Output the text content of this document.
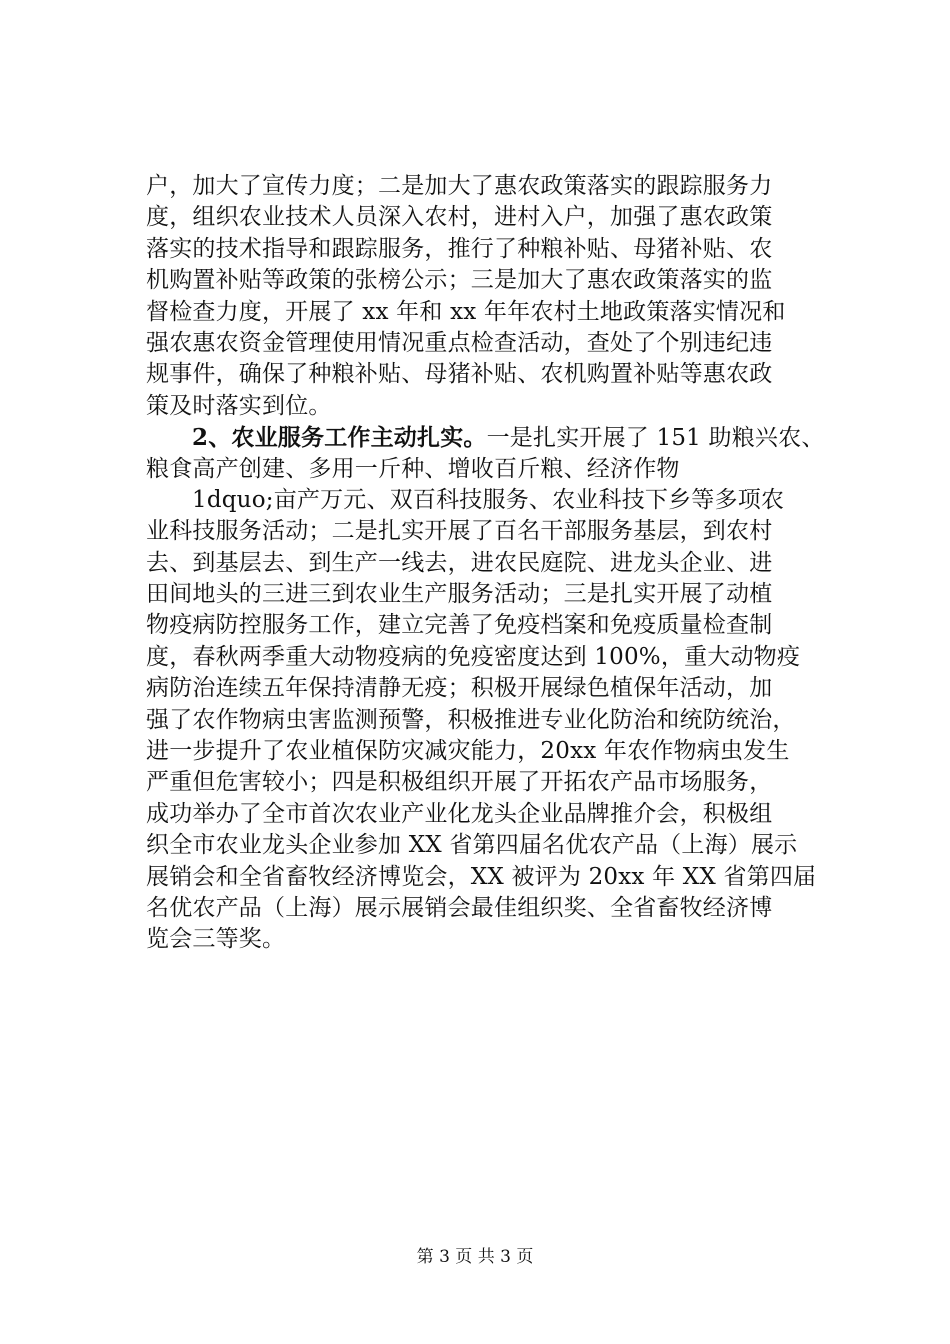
户，加大了宣传力度；二是加大了惠农政策落实的跟踪服务力
度，组织农业技术人员深入农村，进村入户，加强了惠农政策
落实的技术指导和跟踪服务，推行了种粮补贴、母猪补贴、农
机购置补贴等政策的张榜公示；三是加大了惠农政策落实的监
督检查力度，开展了 xx 年和 xx 年年农村土地政策落实情况和
强农惠农资金管理使用情况重点检查活动，查处了个别违纪违
规事件，确保了种粮补贴、母猪补贴、农机购置补贴等惠农政
策及时落实到位。
2、农业服务工作主动扎实。一是扎实开展了 151 助粮兴农、
粮食高产创建、多用一斤种、增收百斤粮、经济作物
1dquo;亩产万元、双百科技服务、农业科技下乡等多项农
业科技服务活动；二是扎实开展了百名干部服务基层，到农村
去、到基层去、到生产一线去，进农民庭院、进龙头企业、进
田间地头的三进三到农业生产服务活动；三是扎实开展了动植
物疫病防控服务工作，建立完善了免疫档案和免疫质量检查制
度，春秋两季重大动物疫病的免疫密度达到 100%，重大动物疫
病防治连续五年保持清静无疫；积极开展绿色植保年活动，加
强了农作物病虫害监测预警，积极推进专业化防治和统防统治，
进一步提升了农业植保防灾减灾能力，20xx 年农作物病虫发生
严重但危害较小；四是积极组织开展了开拓农产品市场服务，
成功举办了全市首次农业产业化龙头企业品牌推介会，积极组
织全市农业龙头企业参加 XX 省第四届名优农产品（上海）展示
展销会和全省畜牧经济博览会，XX 被评为 20xx 年 XX 省第四届
名优农产品（上海）展示展销会最佳组织奖、全省畜牧经济博
览会三等奖。
第 3 页 共 3 页
